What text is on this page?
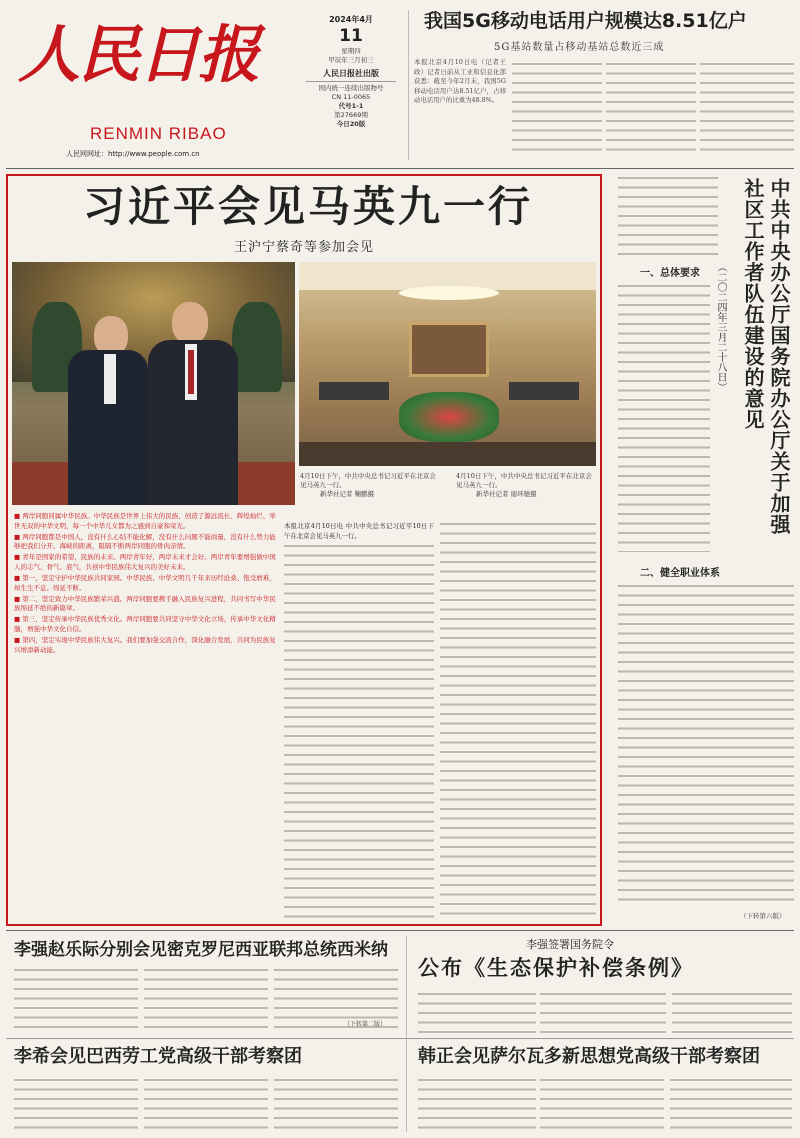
人民日报
RENMIN RIBAO
人民网网址：http://www.people.com.cn
2024年4月
11
星期四
甲辰年三月初三
人民日报社出版
国内统一连续出版物号
CN 11-0065
代号1-1
第27669期
今日20版
我国5G移动电话用户规模达8.51亿户
5G基站数量占移动基站总数近三成
本报北京4月10日电（记者王政）记者日前从工业和信息化部获悉：截至今年2月末，我国5G移动电话用户达8.51亿户，占移动电话用户的比重为48.8%。
习近平会见马英九一行
王沪宁蔡奇等参加会见
4月10日下午，中共中央总书记习近平在北京会见马英九一行。
新华社记者 鞠鹏摄
4月10日下午，中共中央总书记习近平在北京会见马英九一行。
新华社记者 谢环驰摄

■ 两岸同胞同属中华民族。中华民族是世界上伟大的民族，创造了源远流长、辉煌灿烂、举世无双的中华文明，每一个中华儿女都为之感到自豪和荣光。

■ 两岸同胞都是中国人，没有什么心结不能化解，没有什么问题不能商量，没有什么势力能够把我们分开。海峡的距离，阻隔不断两岸同胞的骨肉亲情。

■ 青年是国家的希望，民族的未来。两岸青年好，两岸未来才会好。两岸青年要增强做中国人的志气、骨气、底气，共创中华民族伟大复兴的美好未来。

■ 第一，坚定守护中华民族共同家园。中华民族、中华文明几千年来历经沧桑、饱受磨难，却生生不息、绵延不断。

■ 第二，坚定致力中华民族繁荣兴盛。两岸同胞要携手融入民族复兴进程，共同书写中华民族绵延不绝的新篇章。

■ 第三，坚定传承中华民族优秀文化。两岸同胞要共同坚守中华文化立场，传承中华文化精髓，增强中华文化自信。

■ 第四，坚定实现中华民族伟大复兴。我们要加强交流合作，深化融合发展，共同为民族复兴增添新动能。

本报北京4月10日电 中共中央总书记习近平10日下午在北京会见马英九一行。
中共中央办公厅国务院办公厅关于加强社区工作者队伍建设的意见
（二〇二四年三月二十八日）
一、总体要求
二、健全职业体系
（下转第六版）
李强赵乐际分别会见密克罗尼西亚联邦总统西米纳	李强签署国务院令
公布《生态保护补偿条例》
李希会见巴西劳工党高级干部考察团	韩正会见萨尔瓦多新思想党高级干部考察团
（下转第二版）
